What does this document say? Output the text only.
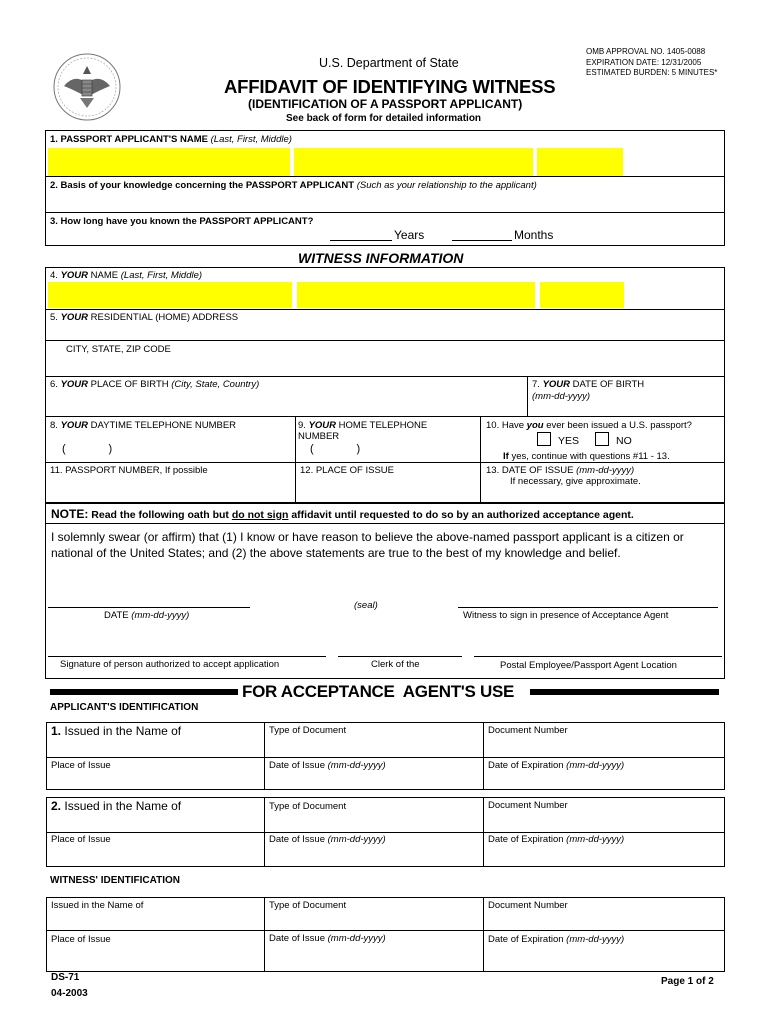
U.S. Department of State
OMB APPROVAL NO. 1405-0088
EXPIRATION DATE: 12/31/2005
ESTIMATED BURDEN: 5 MINUTES*
AFFIDAVIT OF IDENTIFYING WITNESS
(IDENTIFICATION OF A PASSPORT APPLICANT)
See back of form for detailed information
1. PASSPORT APPLICANT'S NAME (Last, First, Middle)
2. Basis of your knowledge concerning the PASSPORT APPLICANT (Such as your relationship to the applicant)
3. How long have you known the PASSPORT APPLICANT?
Years	Months
WITNESS INFORMATION
4. YOUR NAME (Last, First, Middle)
5. YOUR RESIDENTIAL (HOME) ADDRESS
CITY, STATE, ZIP CODE
6. YOUR PLACE OF BIRTH (City, State, Country)	7. YOUR DATE OF BIRTH
(mm-dd-yyyy)
8. YOUR DAYTIME TELEPHONE NUMBER
(              )
9. YOUR HOME TELEPHONE
NUMBER
(              )
10. Have you ever been issued a U.S. passport?
YES	NO
If yes, continue with questions #11 - 13.
11. PASSPORT NUMBER, If possible	12. PLACE OF ISSUE	13. DATE OF ISSUE (mm-dd-yyyy)
If necessary, give approximate.
NOTE: Read the following oath but do not sign affidavit until requested to do so by an authorized acceptance agent.
I solemnly swear (or affirm) that (1) I know or have reason to believe the above-named passport applicant is a citizen or
national of the United States; and (2) the above statements are true to the best of my knowledge and belief.
DATE (mm-dd-yyyy)
(seal)
Witness to sign in presence of Acceptance Agent
Signature of person authorized to accept application	Clerk of the	Postal Employee/Passport Agent Location
FOR ACCEPTANCE  AGENT'S USE
APPLICANT'S IDENTIFICATION
1. Issued in the Name of	Type of Document	Document Number
Place of Issue	Date of Issue (mm-dd-yyyy)	Date of Expiration (mm-dd-yyyy)
2. Issued in the Name of	Type of Document	Document Number
Place of Issue	Date of Issue (mm-dd-yyyy)	Date of Expiration (mm-dd-yyyy)
WITNESS' IDENTIFICATION
Issued in the Name of	Type of Document	Document Number
Place of Issue	Date of Issue (mm-dd-yyyy)	Date of Expiration (mm-dd-yyyy)
DS-71
04-2003
Page 1 of 2
